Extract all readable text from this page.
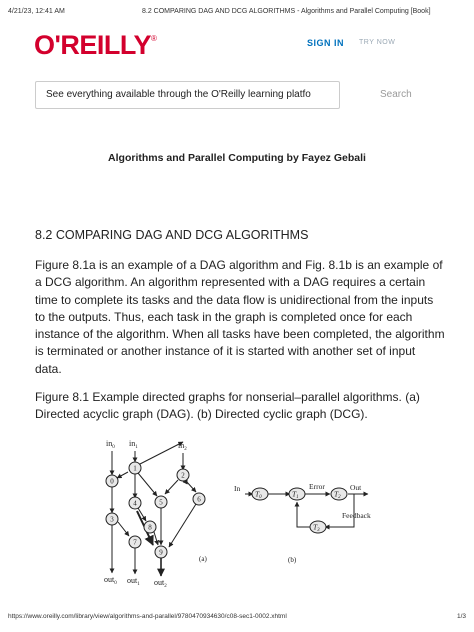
4/21/23, 12:41 AM	8.2 COMPARING DAG AND DCG ALGORITHMS - Algorithms and Parallel Computing [Book]
O'REILLY®	SIGN IN TRY NOW
See everything available through the O'Reilly learning platfo	Search
Algorithms and Parallel Computing by Fayez Gebali
8.2 COMPARING DAG AND DCG ALGORITHMS
Figure 8.1a is an example of a DAG algorithm and Fig. 8.1b is an example of a DCG algorithm. An algorithm represented with a DAG requires a certain time to complete its tasks and the data flow is unidirectional from the inputs to the outputs. Thus, each task in the graph is completed once for each instance of the algorithm. When all tasks have been completed, the algorithm is terminated or another instance of it is started with another set of input data.
Figure 8.1 Example directed graphs for nonserial–parallel algorithms. (a) Directed acyclic graph (DAG). (b) Directed cyclic graph (DCG).
0
1
2
3
4	5	6
7
8
9
$in_0$ $in_1$	$in_2$
out$_0$ out$_1$ out$_2$
(a)
$T_0$	$T_1$	$T_2$
$T_3$
In	Out
Error
Feedback
(b)
https://www.oreilly.com/library/view/algorithms-and-parallel/9780470934630/c08-sec1-0002.xhtml	1/3
